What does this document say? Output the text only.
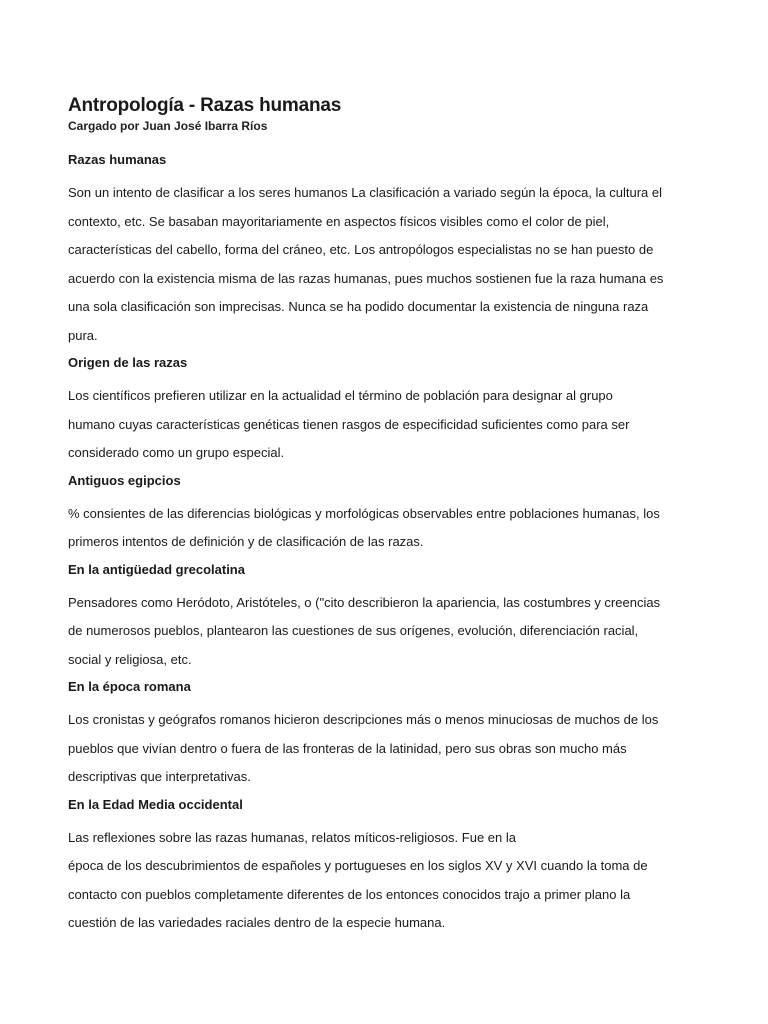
Antropología - Razas humanas
Cargado por Juan José Ibarra Ríos
Razas humanas
Son un intento de clasificar a los seres humanos La clasificación a variado según la época, la cultura el
contexto, etc. Se basaban mayoritariamente en aspectos físicos visibles como el color de piel,
características del cabello, forma del cráneo, etc. Los antropólogos especialistas no se han puesto de
acuerdo con la existencia misma de las razas humanas, pues muchos sostienen fue la raza humana es
una sola clasificación son imprecisas. Nunca se ha podido documentar la existencia de ninguna raza
pura.
Origen de las razas
Los científicos prefieren utilizar en la actualidad el término de población para designar al grupo
humano cuyas características genéticas tienen rasgos de especificidad suficientes como para ser
considerado como un grupo especial.
Antiguos egipcios
% consientes de las diferencias biológicas y morfológicas observables entre poblaciones humanas, los
primeros intentos de definición y de clasificación de las razas.
En la antigüedad grecolatina
Pensadores como Heródoto, Aristóteles, o ("cito describieron la apariencia, las costumbres y creencias
de numerosos pueblos, plantearon las cuestiones de sus orígenes, evolución, diferenciación racial,
social y religiosa, etc.
En la época romana
Los cronistas y geógrafos romanos hicieron descripciones más o menos minuciosas de muchos de los
pueblos que vivían dentro o fuera de las fronteras de la latinidad, pero sus obras son mucho más
descriptivas que interpretativas.
En la Edad Media occidental
Las reflexiones sobre las razas humanas, relatos míticos-religiosos. Fue en la
época de los descubrimientos de españoles y portugueses en los siglos XV y XVI cuando la toma de
contacto con pueblos completamente diferentes de los entonces conocidos trajo a primer plano la
cuestión de las variedades raciales dentro de la especie humana.
